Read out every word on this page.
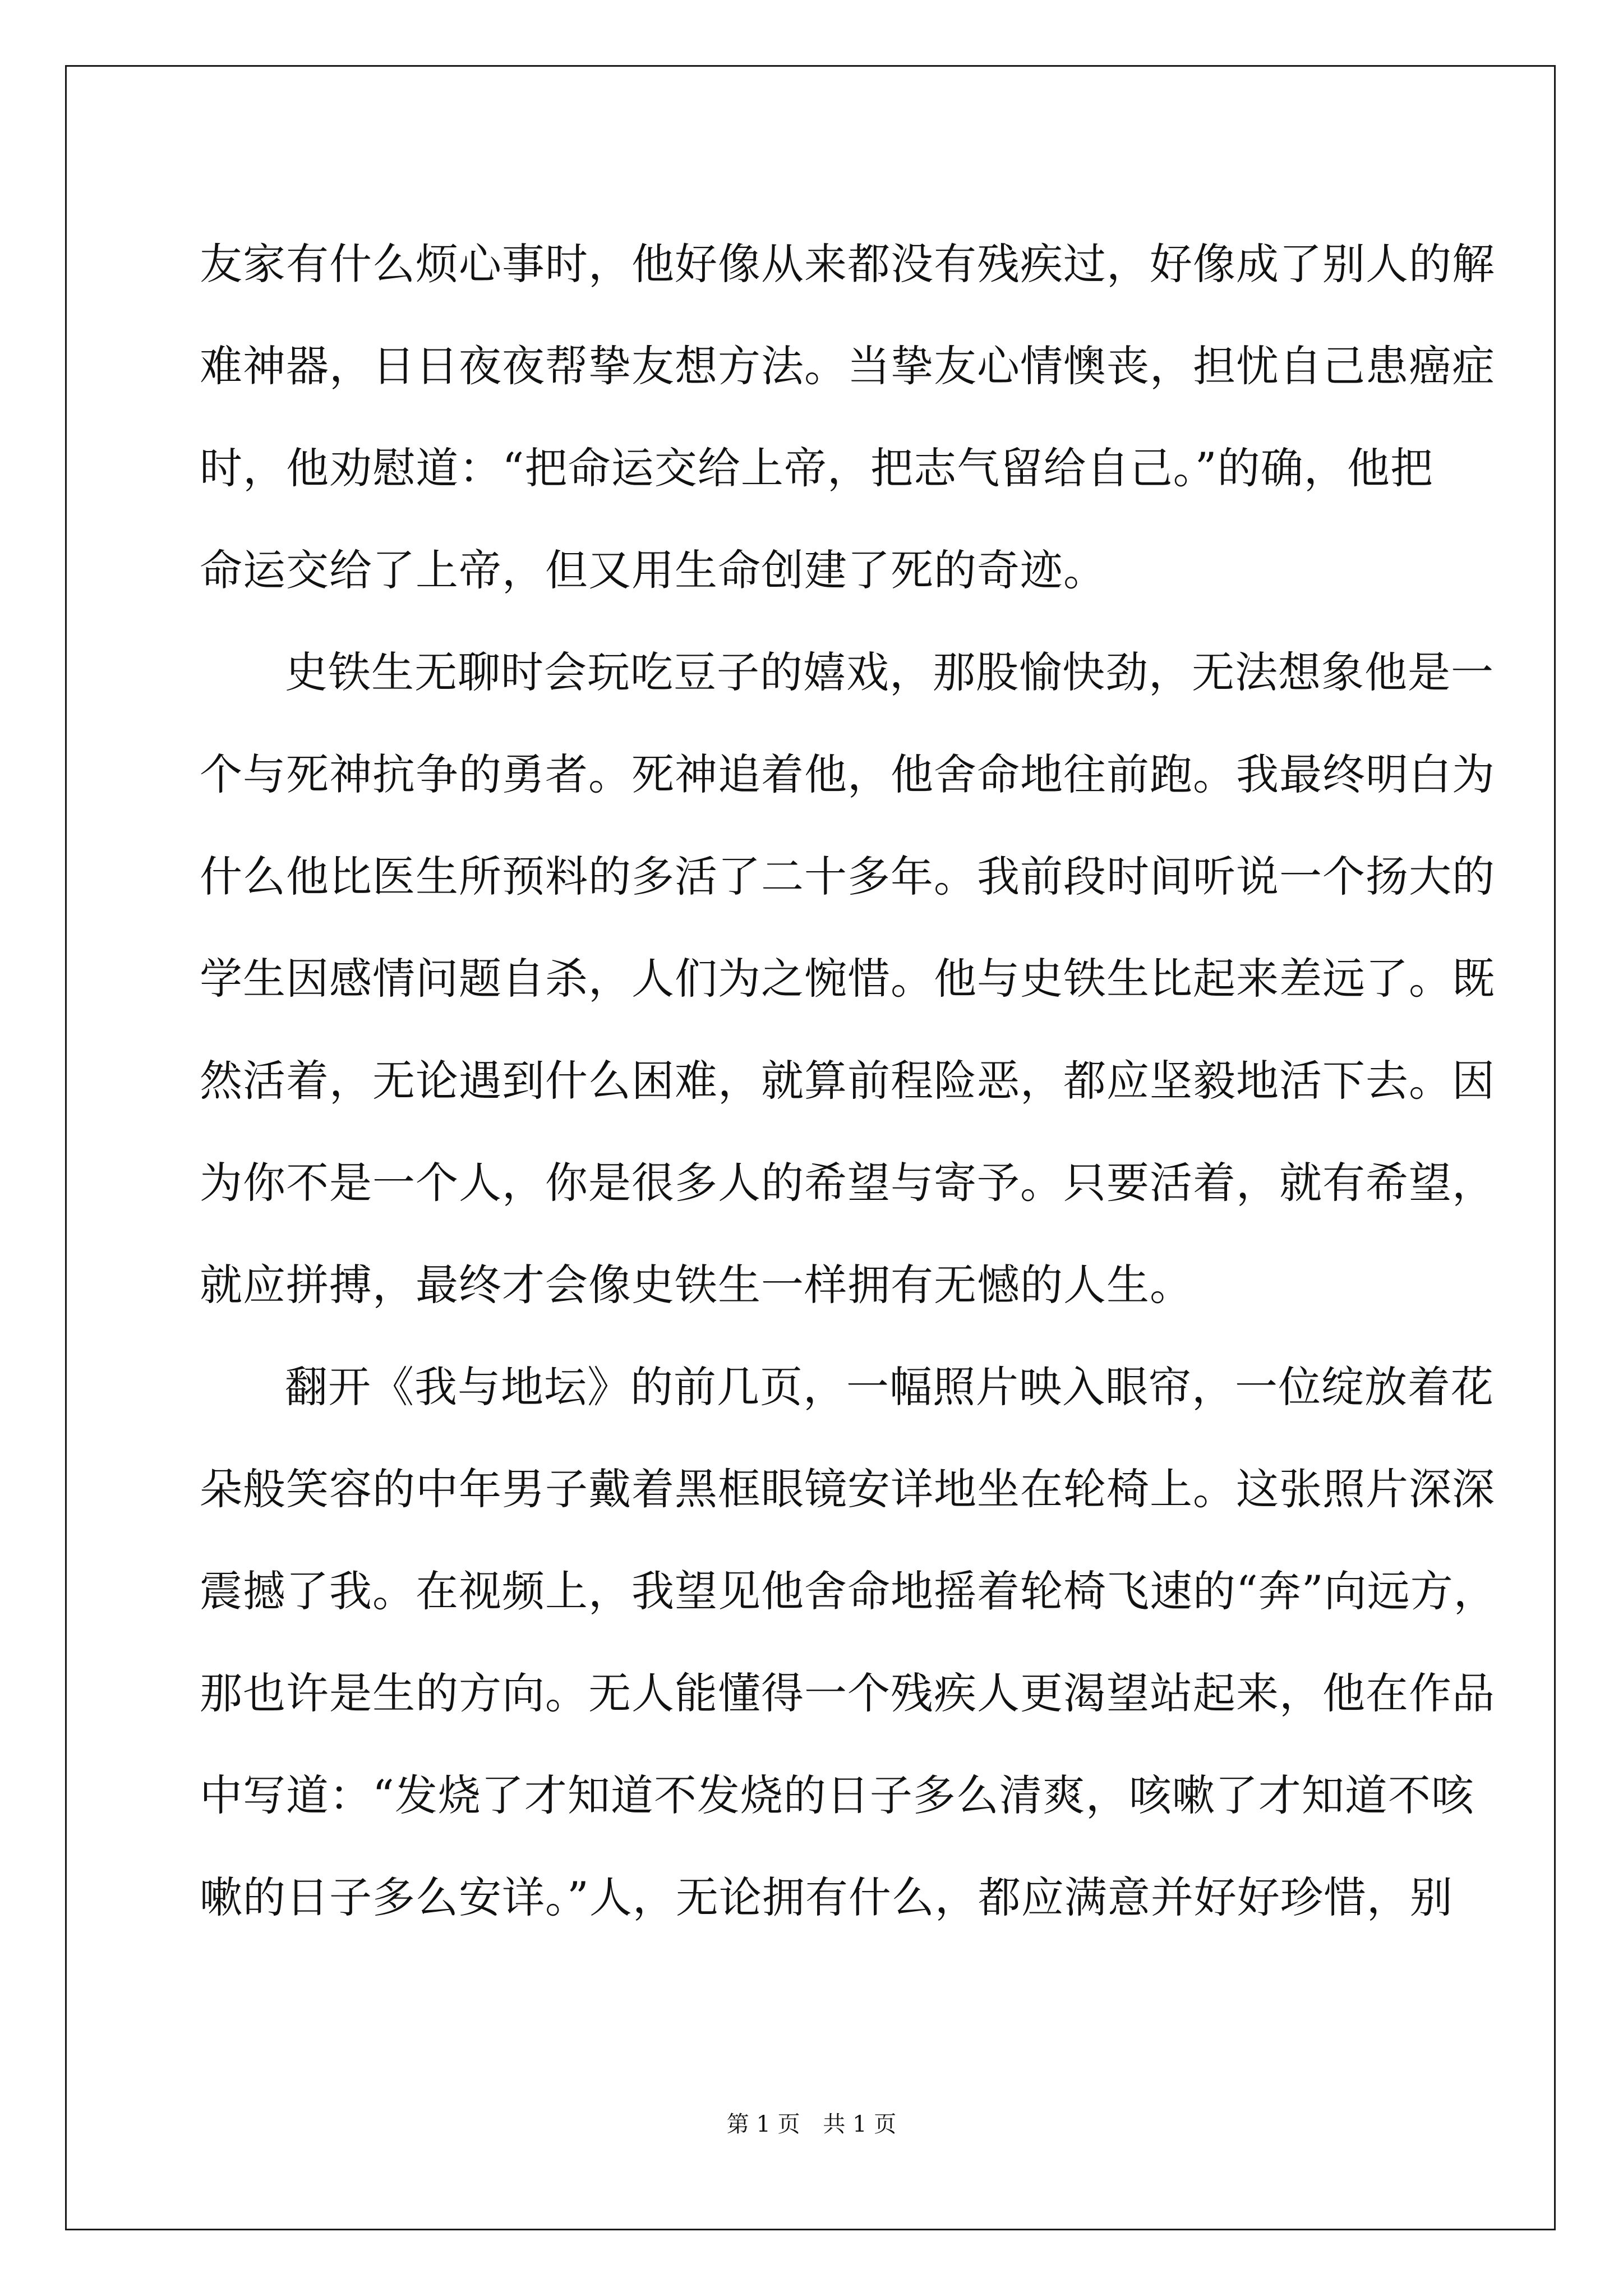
友家有什么烦心事时，他好像从来都没有残疾过，好像成了别人的解
难神器，日日夜夜帮挚友想方法。当挚友心情懊丧，担忧自己患癌症
时，他劝慰道：“把命运交给上帝，把志气留给自己。”的确，他把
命运交给了上帝，但又用生命创建了死的奇迹。
史铁生无聊时会玩吃豆子的嬉戏，那股愉快劲，无法想象他是一
个与死神抗争的勇者。死神追着他，他舍命地往前跑。我最终明白为
什么他比医生所预料的多活了二十多年。我前段时间听说一个扬大的
学生因感情问题自杀，人们为之惋惜。他与史铁生比起来差远了。既
然活着，无论遇到什么困难，就算前程险恶，都应坚毅地活下去。因
为你不是一个人，你是很多人的希望与寄予。只要活着，就有希望，
就应拼搏，最终才会像史铁生一样拥有无憾的人生。
翻开《我与地坛》的前几页，一幅照片映入眼帘，一位绽放着花
朵般笑容的中年男子戴着黑框眼镜安详地坐在轮椅上。这张照片深深
震撼了我。在视频上，我望见他舍命地摇着轮椅飞速的“奔”向远方，
那也许是生的方向。无人能懂得一个残疾人更渴望站起来，他在作品
中写道：“发烧了才知道不发烧的日子多么清爽，咳嗽了才知道不咳
嗽的日子多么安详。”人，无论拥有什么，都应满意并好好珍惜，别
第 1 页 共 1 页
